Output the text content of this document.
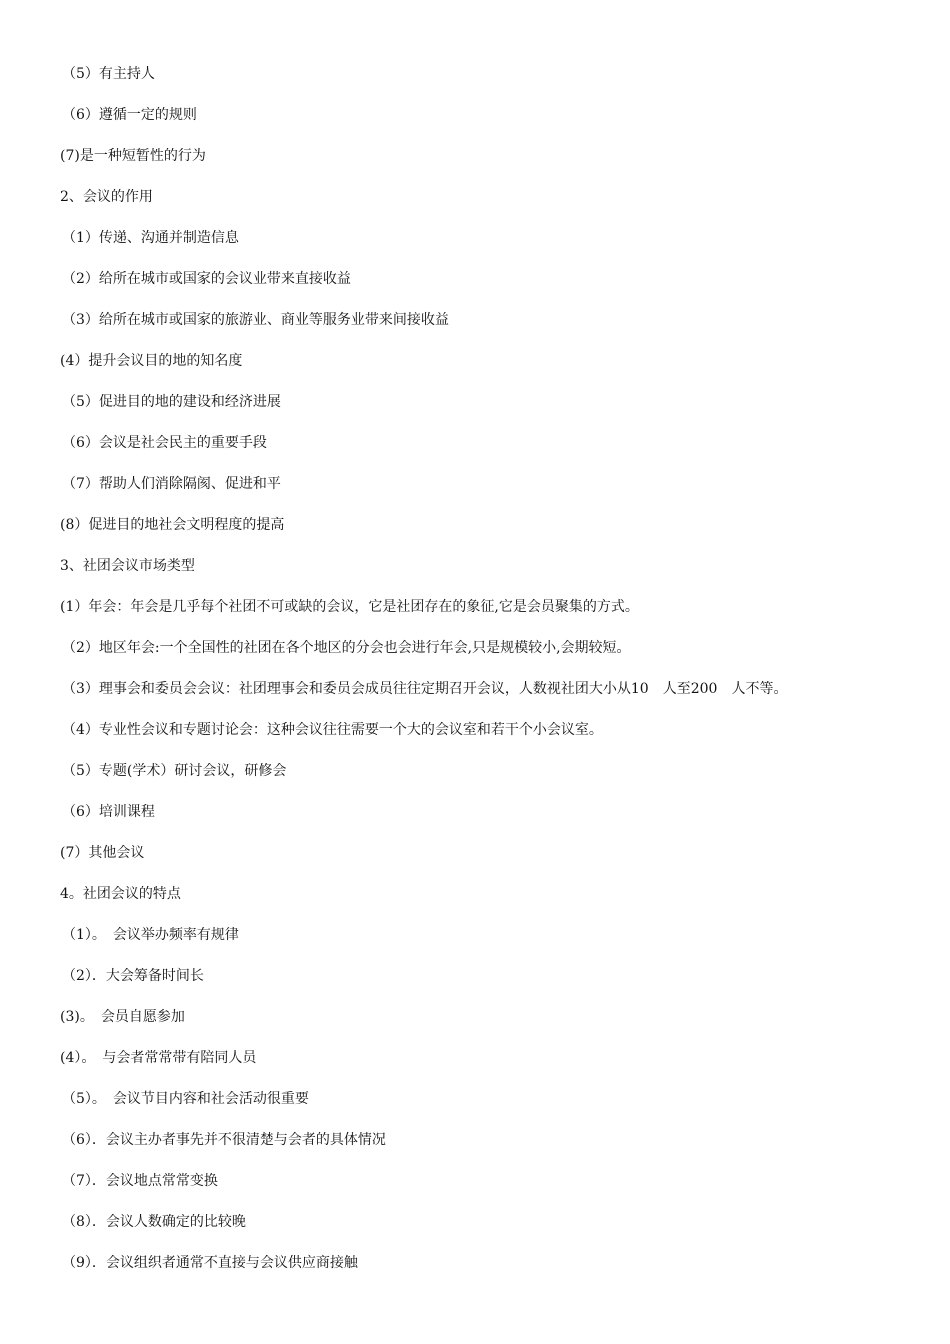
（5）有主持人

（6）遵循一定的规则

(7)是一种短暂性的行为

2、会议的作用

（1）传递、沟通并制造信息

（2）给所在城市或国家的会议业带来直接收益

（3）给所在城市或国家的旅游业、商业等服务业带来间接收益

(4）提升会议目的地的知名度

（5）促进目的地的建设和经济进展

（6）会议是社会民主的重要手段

（7）帮助人们消除隔阂、促进和平

(8）促进目的地社会文明程度的提高

3、社团会议市场类型

(1）年会：年会是几乎每个社团不可或缺的会议，它是社团存在的象征,它是会员聚集的方式。

（2）地区年会:一个全国性的社团在各个地区的分会也会进行年会,只是规模较小,会期较短。

（3）理事会和委员会会议：社团理事会和委员会成员往往定期召开会议，人数视社团大小从10　人至200　人不等。

（4）专业性会议和专题讨论会：这种会议往往需要一个大的会议室和若干个小会议室。

（5）专题(学术）研讨会议，研修会

（6）培训课程

(7）其他会议

4。社团会议的特点

（1）。　会议举办频率有规律

（2）．大会筹备时间长

(3)。　会员自愿参加

(4）。　与会者常常带有陪同人员

（5）。　会议节目内容和社会活动很重要

（6）．会议主办者事先并不很清楚与会者的具体情况

（7）．会议地点常常变换

（8）．会议人数确定的比较晚

（9）．会议组织者通常不直接与会议供应商接触
